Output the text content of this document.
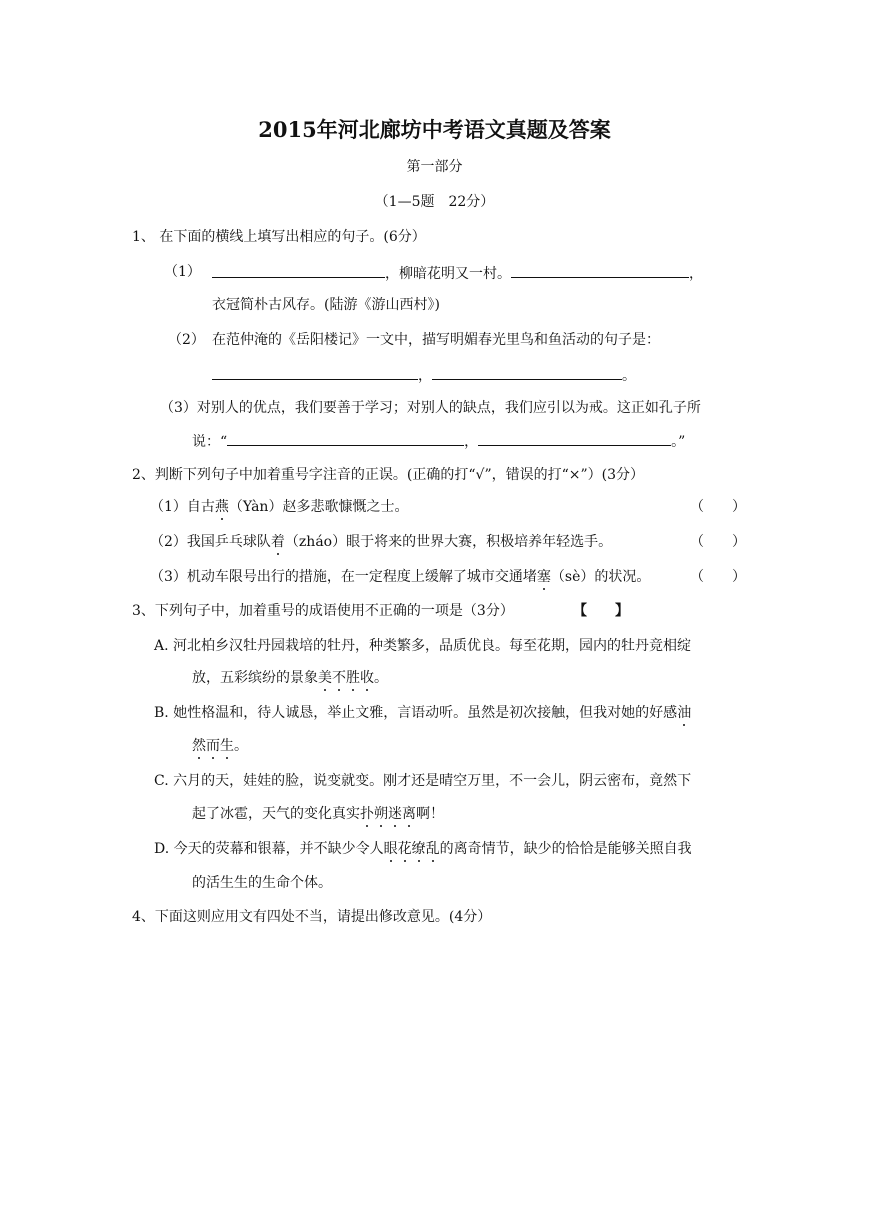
2015年河北廊坊中考语文真题及答案
第一部分
（1—5题　22分）
1、 在下面的横线上填写出相应的句子。(6分）
（1）	，柳暗花明又一村。	，
衣冠简朴古风存。(陆游《游山西村》)
（2） 在范仲淹的《岳阳楼记》一文中，描写明媚春光里鸟和鱼活动的句子是：
，	。
（3）对别人的优点，我们要善于学习；对别人的缺点，我们应引以为戒。这正如孔子所
说：“	，	。”
2、判断下列句子中加着重号字注音的正误。(正确的打“√”，错误的打“×”）(3分）
（1）自古燕（Yàn）赵多悲歌慷慨之士。	（　　）
（2）我国乒乓球队着（zháo）眼于将来的世界大赛，积极培养年轻选手。	（　　）
（3）机动车限号出行的措施，在一定程度上缓解了城市交通堵塞（sè）的状况。	（　　）
3、下列句子中，加着重号的成语使用不正确的一项是（3分）	【　　】
A. 河北柏乡汉牡丹园栽培的牡丹，种类繁多，品质优良。每至花期，园内的牡丹竞相绽
放，五彩缤纷的景象美不胜收。
B. 她性格温和，待人诚恳，举止文雅，言语动听。虽然是初次接触，但我对她的好感油
然而生。
C. 六月的天，娃娃的脸，说变就变。刚才还是晴空万里，不一会儿，阴云密布，竟然下
起了冰雹，天气的变化真实扑朔迷离啊！
D. 今天的荧幕和银幕，并不缺少令人眼花缭乱的离奇情节，缺少的恰恰是能够关照自我
的活生生的生命个体。
4、下面这则应用文有四处不当，请提出修改意见。(4分）
